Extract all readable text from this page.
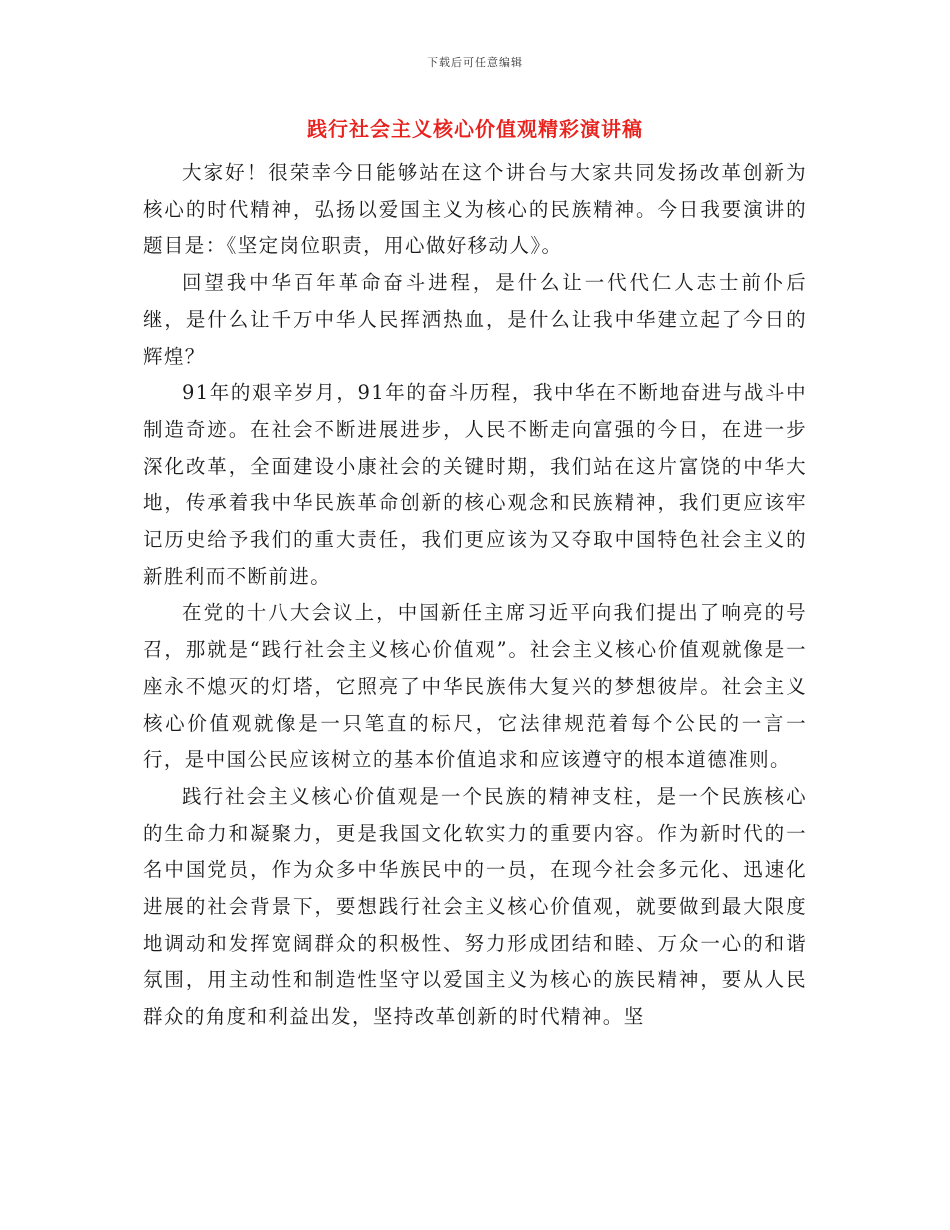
下载后可任意编辑
践行社会主义核心价值观精彩演讲稿

大家好！很荣幸今日能够站在这个讲台与大家共同发扬改革创新为核心的时代精神，弘扬以爱国主义为核心的民族精神。今日我要演讲的题目是：《坚定岗位职责，用心做好移动人》。

回望我中华百年革命奋斗进程，是什么让一代代仁人志士前仆后继，是什么让千万中华人民挥洒热血，是什么让我中华建立起了今日的辉煌？

91年的艰辛岁月，91年的奋斗历程，我中华在不断地奋进与战斗中制造奇迹。在社会不断进展进步，人民不断走向富强的今日，在进一步深化改革，全面建设小康社会的关键时期，我们站在这片富饶的中华大地，传承着我中华民族革命创新的核心观念和民族精神，我们更应该牢记历史给予我们的重大责任，我们更应该为又夺取中国特色社会主义的新胜利而不断前进。

在党的十八大会议上，中国新任主席习近平向我们提出了响亮的号召，那就是“践行社会主义核心价值观”。社会主义核心价值观就像是一座永不熄灭的灯塔，它照亮了中华民族伟大复兴的梦想彼岸。社会主义核心价值观就像是一只笔直的标尺，它法律规范着每个公民的一言一行，是中国公民应该树立的基本价值追求和应该遵守的根本道德准则。

践行社会主义核心价值观是一个民族的精神支柱，是一个民族核心的生命力和凝聚力，更是我国文化软实力的重要内容。作为新时代的一名中国党员，作为众多中华族民中的一员，在现今社会多元化、迅速化进展的社会背景下，要想践行社会主义核心价值观，就要做到最大限度地调动和发挥宽阔群众的积极性、努力形成团结和睦、万众一心的和谐氛围，用主动性和制造性坚守以爱国主义为核心的族民精神，要从人民群众的角度和利益出发，坚持改革创新的时代精神。坚
